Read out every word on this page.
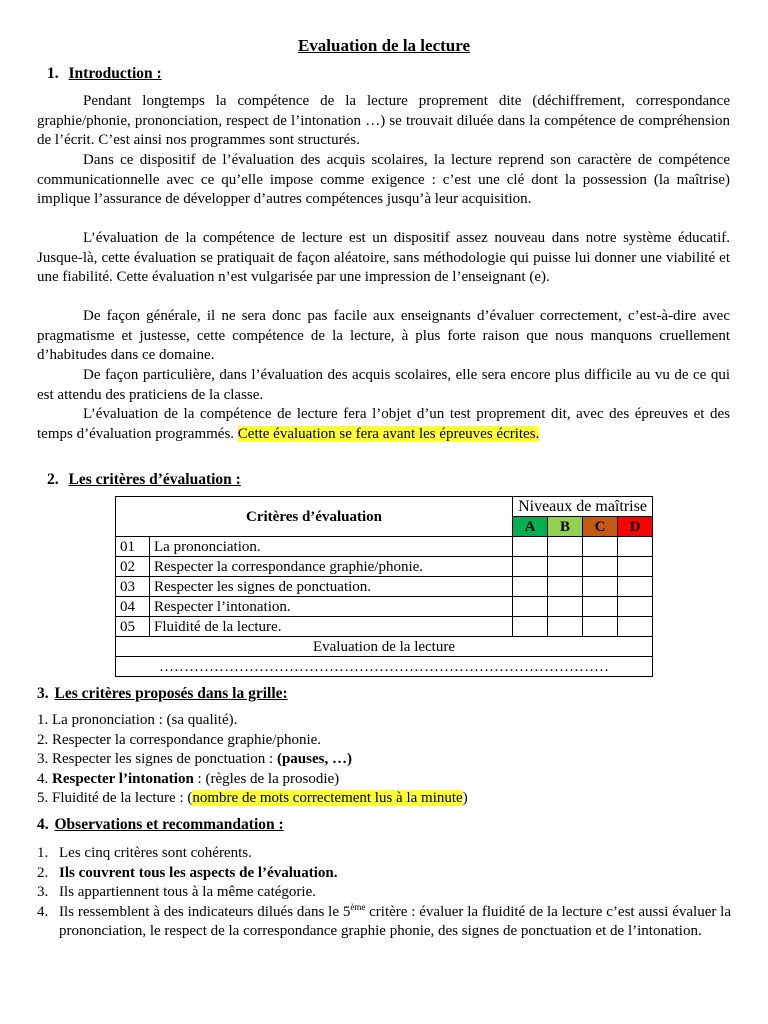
Evaluation de la lecture
1. Introduction :
Pendant longtemps la compétence de la lecture proprement dite (déchiffrement, correspondance graphie/phonie, prononciation, respect de l’intonation …) se trouvait diluée dans la compétence de compréhension de l’écrit. C’est ainsi nos programmes sont structurés.
Dans ce dispositif de l’évaluation des acquis scolaires, la lecture reprend son caractère de compétence communicationnelle avec ce qu’elle impose comme exigence : c’est une clé dont la possession (la maîtrise) implique l’assurance de développer d’autres compétences jusqu’à leur acquisition.
L’évaluation de la compétence de lecture est un dispositif assez nouveau dans notre système éducatif. Jusque-là, cette évaluation se pratiquait de façon aléatoire, sans méthodologie qui puisse lui donner une viabilité et une fiabilité. Cette évaluation n’est vulgarisée par une impression de l’enseignant (e).
De façon générale, il ne sera donc pas facile aux enseignants d’évaluer correctement, c’est-à-dire avec pragmatisme et justesse, cette compétence de la lecture, à plus forte raison que nous manquons cruellement d’habitudes dans ce domaine.
De façon particulière, dans l’évaluation des acquis scolaires, elle sera encore plus difficile au vu de ce qui est attendu des praticiens de la classe.
L’évaluation de la compétence de lecture fera l’objet d’un test proprement dit, avec des épreuves et des temps d’évaluation programmés. Cette évaluation se fera avant les épreuves écrites.
2. Les critères d’évaluation :
Critères d’évaluation		Niveaux de maîtrise			
		A	B	C	D
01	La prononciation.				
02	Respecter la correspondance graphie/phonie.				
03	Respecter les signes de ponctuation.				
04	Respecter l’intonation.				
05	Fluidité de la lecture.				
Evaluation de la lecture					
………………………………………………………………………………					
3. Les critères proposés dans la grille:
1. La prononciation : (sa qualité).
2. Respecter la correspondance graphie/phonie.
3. Respecter les signes de ponctuation : (pauses, …)
4. Respecter l’intonation : (règles de la prosodie)
5. Fluidité de la lecture : (nombre de mots correctement lus à la minute)
4. Observations et recommandation :
1. Les cinq critères sont cohérents.
2. Ils couvrent tous les aspects de l’évaluation.
3. Ils appartiennent tous à la même catégorie.
4. Ils ressemblent à des indicateurs dilués dans le 5ème critère : évaluer la fluidité de la lecture c’est aussi évaluer la prononciation, le respect de la correspondance graphie phonie, des signes de ponctuation et de l’intonation.
